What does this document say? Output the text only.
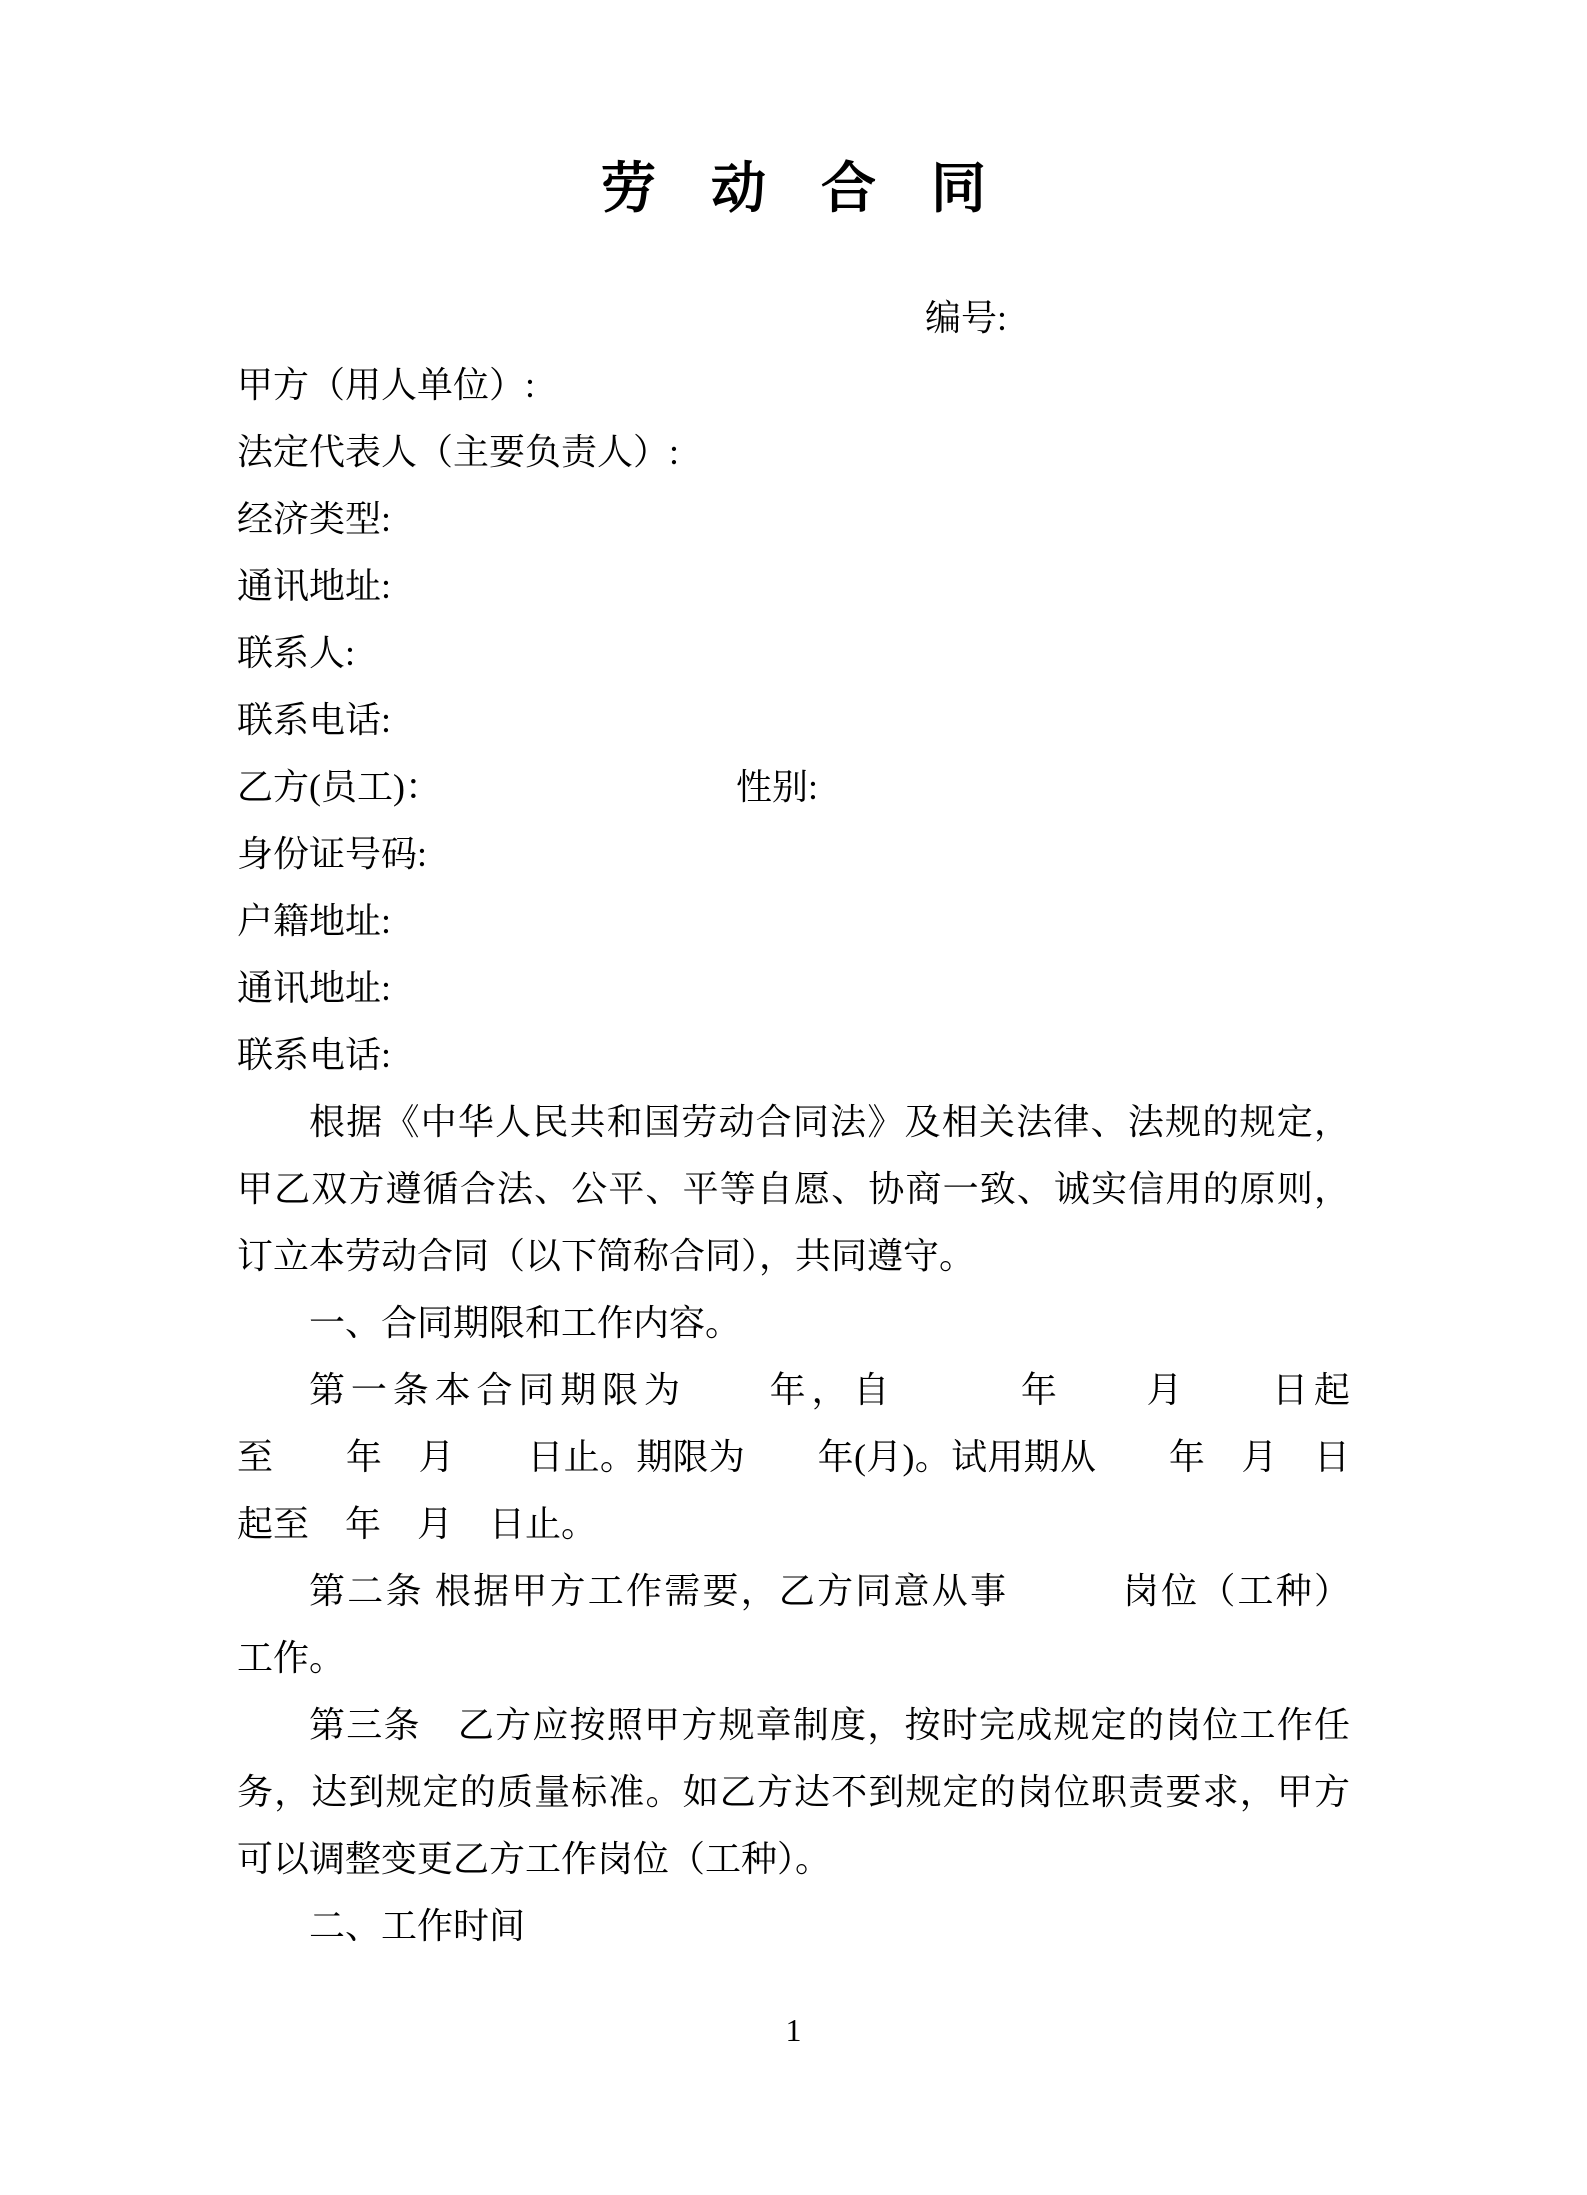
劳　动　合　同
编号:
甲方（用人单位）:
法定代表人（主要负责人）:
经济类型:
通讯地址:
联系人:
联系电话:
乙方(员工)：	性别:
身份证号码:
户籍地址:
通讯地址:
联系电话:
根据《中华人民共和国劳动合同法》及相关法律、法规的规定，
甲乙双方遵循合法、公平、平等自愿、协商一致、诚实信用的原则，
订立本劳动合同（以下简称合同），共同遵守。
一、合同期限和工作内容。
第一条本合同期限为　　年，自　　　年　　月　　日起
至　　年　月　　日止。期限为　　年(月)。试用期从　　年　月　日
起至　年　月　日止。
第二条 根据甲方工作需要，乙方同意从事　　　岗位（工种）
工作。
第三条　乙方应按照甲方规章制度，按时完成规定的岗位工作任
务，达到规定的质量标准。如乙方达不到规定的岗位职责要求，甲方
可以调整变更乙方工作岗位（工种）。
二、工作时间
1
